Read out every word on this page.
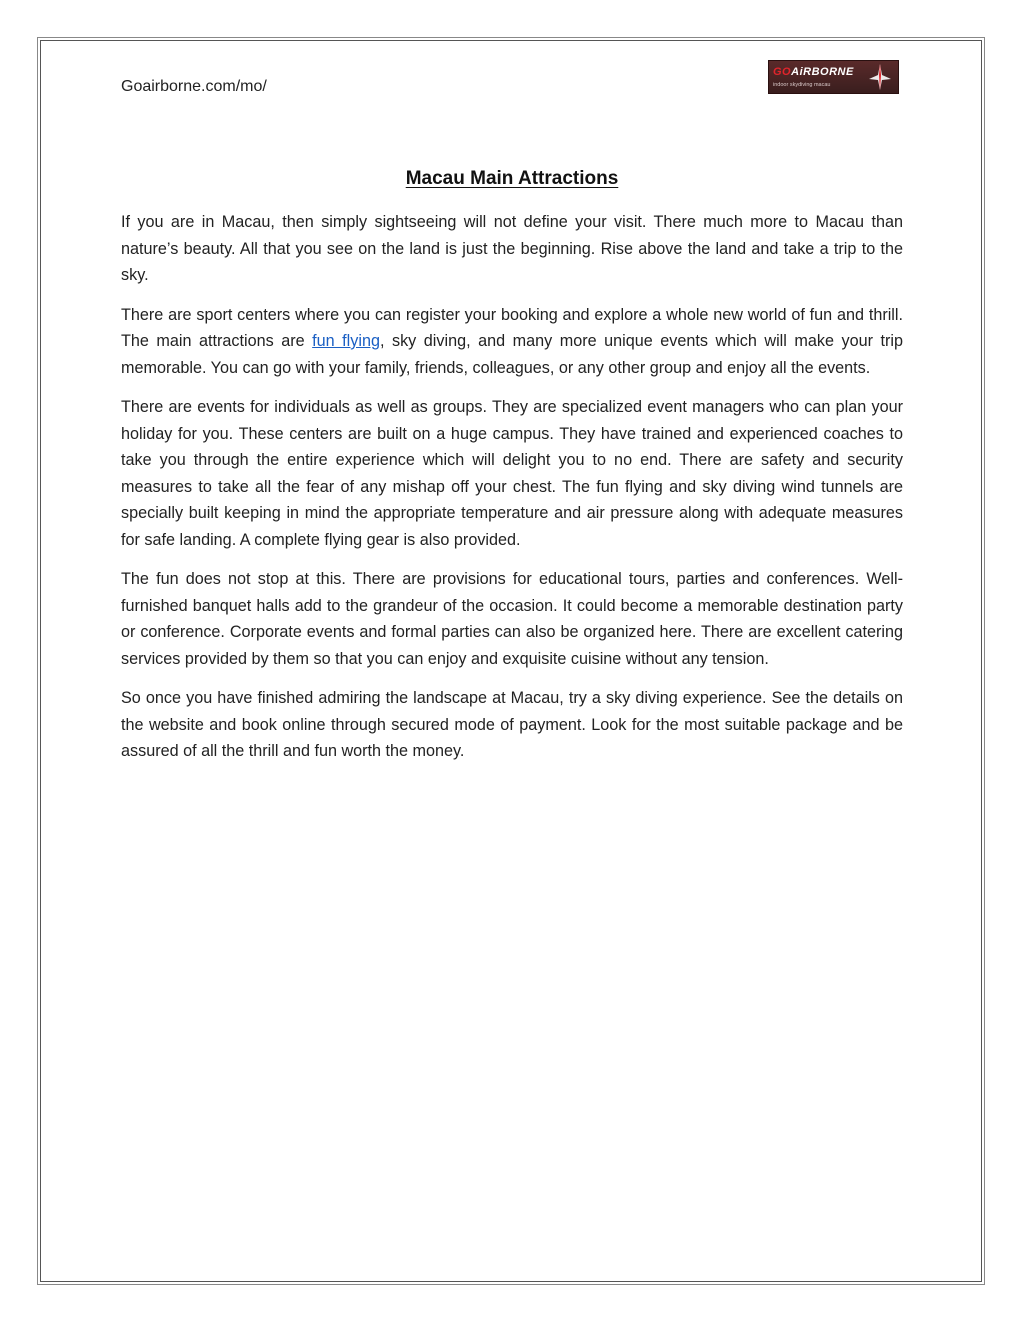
Goairborne.com/mo/
GOAiRBORNE
indoor skydiving macau
Macau Main Attractions

If you are in Macau, then simply sightseeing will not define your visit. There much more to Macau than nature’s beauty. All that you see on the land is just the beginning. Rise above the land and take a trip to the sky.

There are sport centers where you can register your booking and explore a whole new world of fun and thrill. The main attractions are fun flying, sky diving, and many more unique events which will make your trip memorable. You can go with your family, friends, colleagues, or any other group and enjoy all the events.

There are events for individuals as well as groups. They are specialized event managers who can plan your holiday for you. These centers are built on a huge campus. They have trained and experienced coaches to take you through the entire experience which will delight you to no end. There are safety and security measures to take all the fear of any mishap off your chest. The fun flying and sky diving wind tunnels are specially built keeping in mind the appropriate temperature and air pressure along with adequate measures for safe landing. A complete flying gear is also provided.

The fun does not stop at this. There are provisions for educational tours, parties and conferences. Well-furnished banquet halls add to the grandeur of the occasion. It could become a memorable destination party or conference. Corporate events and formal parties can also be organized here. There are excellent catering services provided by them so that you can enjoy and exquisite cuisine without any tension.

So once you have finished admiring the landscape at Macau, try a sky diving experience. See the details on the website and book online through secured mode of payment. Look for the most suitable package and be assured of all the thrill and fun worth the money.
